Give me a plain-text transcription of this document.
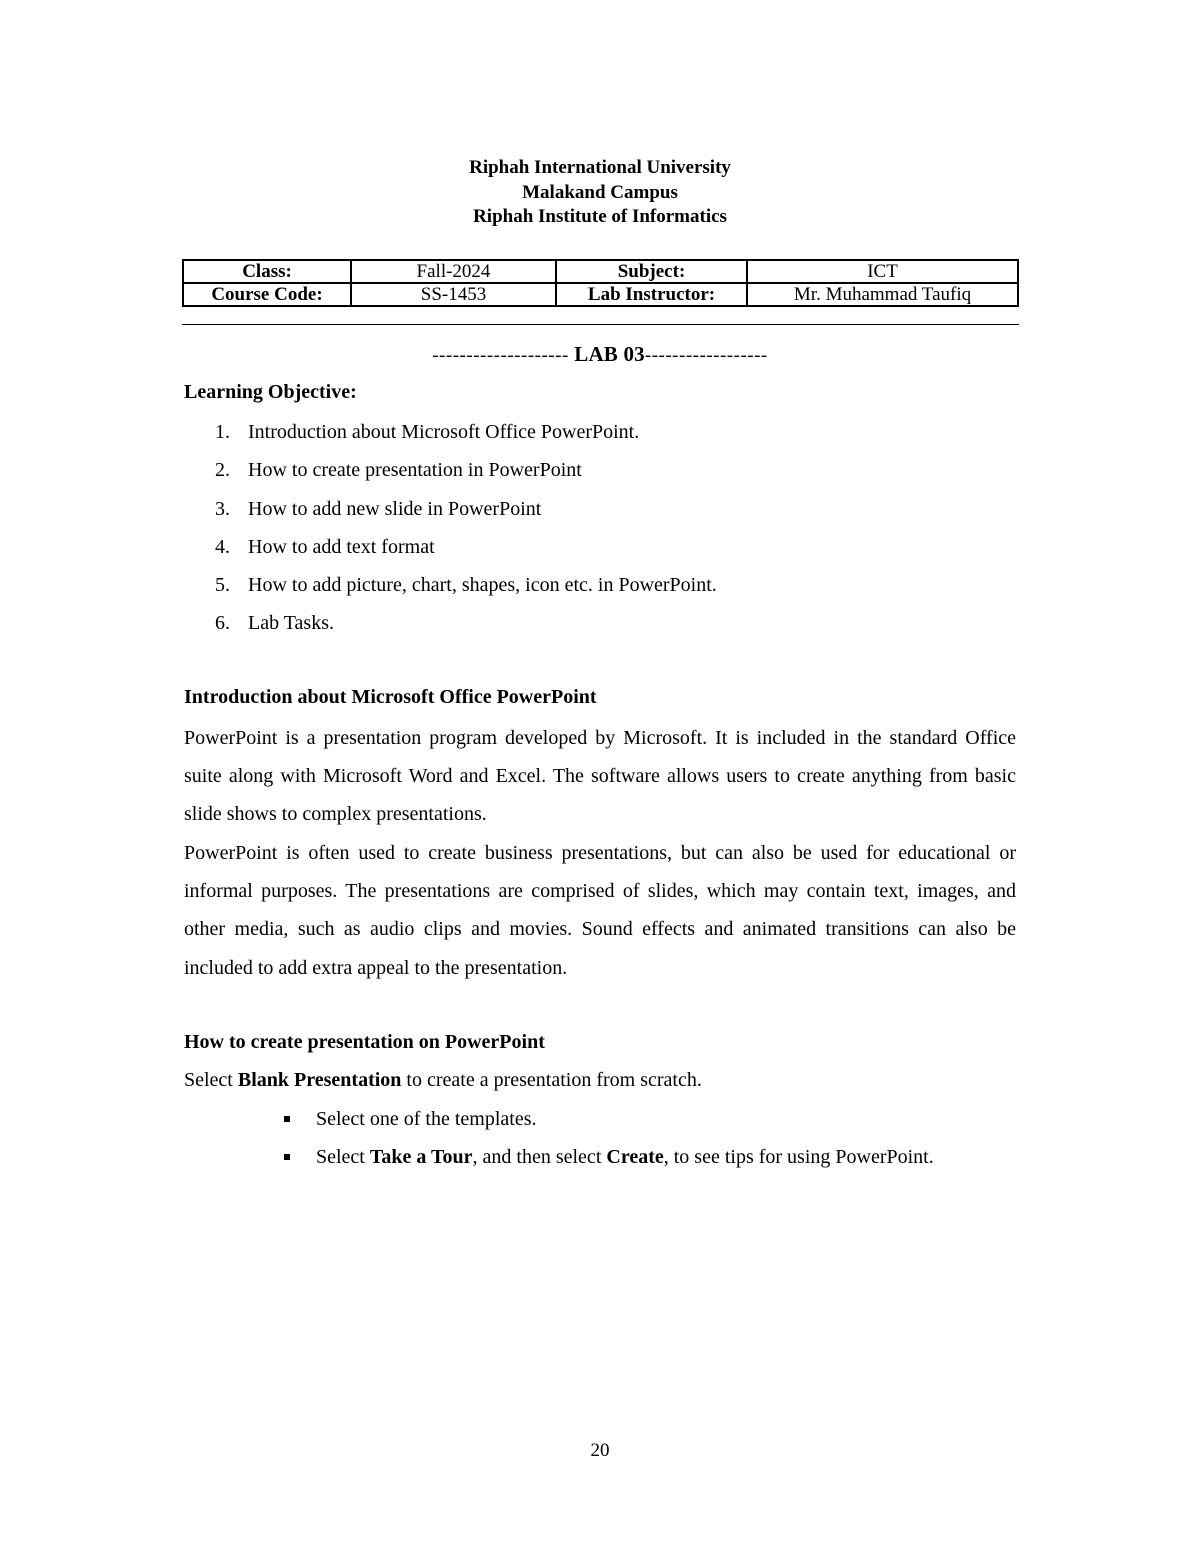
Riphah International University
Malakand Campus
Riphah Institute of Informatics
Class:	Fall-2024	Subject:	ICT
Course Code:	SS-1453	Lab Instructor:	Mr. Muhammad Taufiq
-------------------- LAB 03------------------
Learning Objective:
1. Introduction about Microsoft Office PowerPoint.
2. How to create presentation in PowerPoint
3. How to add new slide in PowerPoint
4. How to add text format
5. How to add picture, chart, shapes, icon etc. in PowerPoint.
6. Lab Tasks.
Introduction about Microsoft Office PowerPoint

PowerPoint is a presentation program developed by Microsoft. It is included in the standard Office suite along with Microsoft Word and Excel. The software allows users to create anything from basic slide shows to complex presentations.

PowerPoint is often used to create business presentations, but can also be used for educational or informal purposes. The presentations are comprised of slides, which may contain text, images, and other media, such as audio clips and movies. Sound effects and animated transitions can also be included to add extra appeal to the presentation.

How to create presentation on PowerPoint
Select Blank Presentation to create a presentation from scratch.
Select one of the templates.
Select Take a Tour, and then select Create, to see tips for using PowerPoint.
20
